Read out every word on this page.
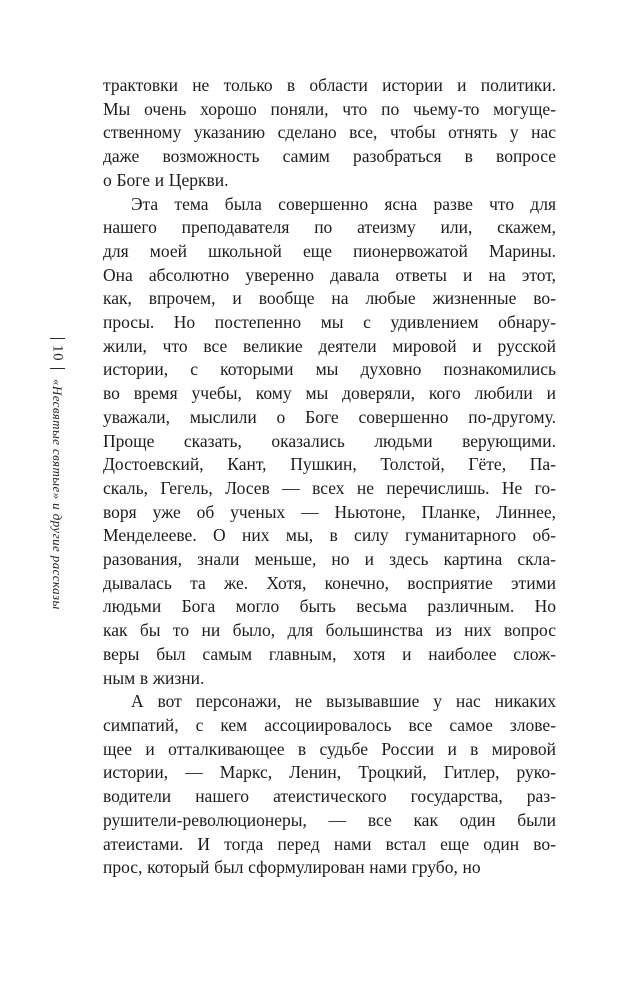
10
«Несвятые святые» и другие рассказы
трактовки не только в области истории и политики.
Мы очень хорошо поняли, что по чьему-то могуще-
ственному указанию сделано все, чтобы отнять у нас
даже возможность самим разобраться в вопросе
о Боге и Церкви.
Эта тема была совершенно ясна разве что для
нашего преподавателя по атеизму или, скажем,
для моей школьной еще пионервожатой Марины.
Она абсолютно уверенно давала ответы и на этот,
как, впрочем, и вообще на любые жизненные во-
просы. Но постепенно мы с удивлением обнару-
жили, что все великие деятели мировой и русской
истории, с которыми мы духовно познакомились
во время учебы, кому мы доверяли, кого любили и
уважали, мыслили о Боге совершенно по-другому.
Проще сказать, оказались людьми верующими.
Достоевский, Кант, Пушкин, Толстой, Гёте, Па-
скаль, Гегель, Лосев — всех не перечислишь. Не го-
воря уже об ученых — Ньютоне, Планке, Линнее,
Менделееве. О них мы, в силу гуманитарного об-
разования, знали меньше, но и здесь картина скла-
дывалась та же. Хотя, конечно, восприятие этими
людьми Бога могло быть весьма различным. Но
как бы то ни было, для большинства из них вопрос
веры был самым главным, хотя и наиболее слож-
ным в жизни.
А вот персонажи, не вызывавшие у нас никаких
симпатий, с кем ассоциировалось все самое злове-
щее и отталкивающее в судьбе России и в мировой
истории, — Маркс, Ленин, Троцкий, Гитлер, руко-
водители нашего атеистического государства, раз-
рушители-революционеры, — все как один были
атеистами. И тогда перед нами встал еще один во-
прос, который был сформулирован нами грубо, но
